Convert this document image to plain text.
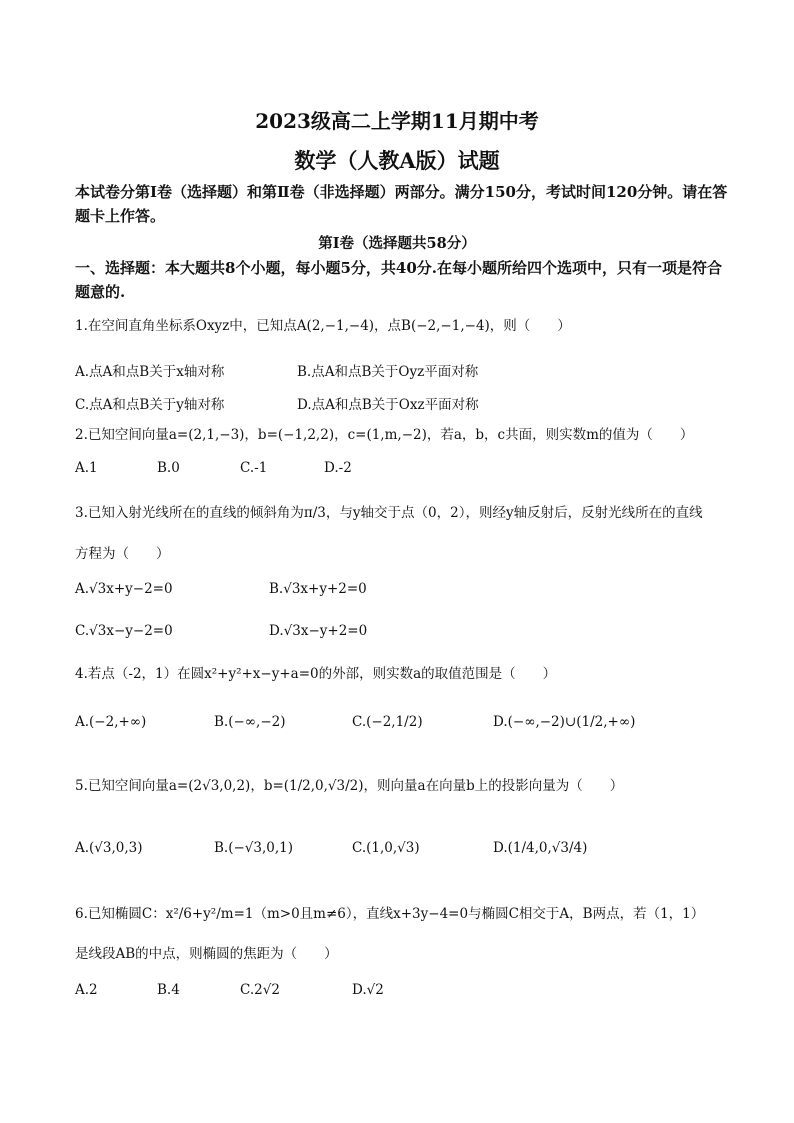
2023级高二上学期11月期中考
数学（人教A版）试题
本试卷分第Ⅰ卷（选择题）和第Ⅱ卷（非选择题）两部分。满分150分，考试时间120分钟。请在答题卡上作答。
第Ⅰ卷（选择题共58分）
一、选择题：本大题共8个小题，每小题5分，共40分.在每小题所给四个选项中，只有一项是符合题意的.
1.在空间直角坐标系Oxyz中，已知点A(2,−1,−4)，点B(−2,−1,−4)，则（　　）
A.点A和点B关于x轴对称	B.点A和点B关于Oyz平面对称
C.点A和点B关于y轴对称	D.点A和点B关于Oxz平面对称
2.已知空间向量a=(2,1,−3)，b=(−1,2,2)，c=(1,m,−2)，若a，b，c共面，则实数m的值为（　　）
A.1	B.0	C.-1	D.-2
3.已知入射光线所在的直线的倾斜角为π/3，与y轴交于点（0，2），则经y轴反射后，反射光线所在的直线
方程为（　　）
A.√3x+y−2=0	B.√3x+y+2=0
C.√3x−y−2=0	D.√3x−y+2=0
4.若点（-2，1）在圆x²+y²+x−y+a=0的外部，则实数a的取值范围是（　　）
A.(−2,+∞)	B.(−∞,−2)	C.(−2,1/2)	D.(−∞,−2)∪(1/2,+∞)
5.已知空间向量a=(2√3,0,2)，b=(1/2,0,√3/2)，则向量a在向量b上的投影向量为（　　）
A.(√3,0,3)	B.(−√3,0,1)	C.(1,0,√3)	D.(1/4,0,√3/4)
6.已知椭圆C：x²/6+y²/m=1（m>0且m≠6），直线x+3y−4=0与椭圆C相交于A，B两点，若（1，1）
是线段AB的中点，则椭圆的焦距为（　　）
A.2	B.4	C.2√2	D.√2
